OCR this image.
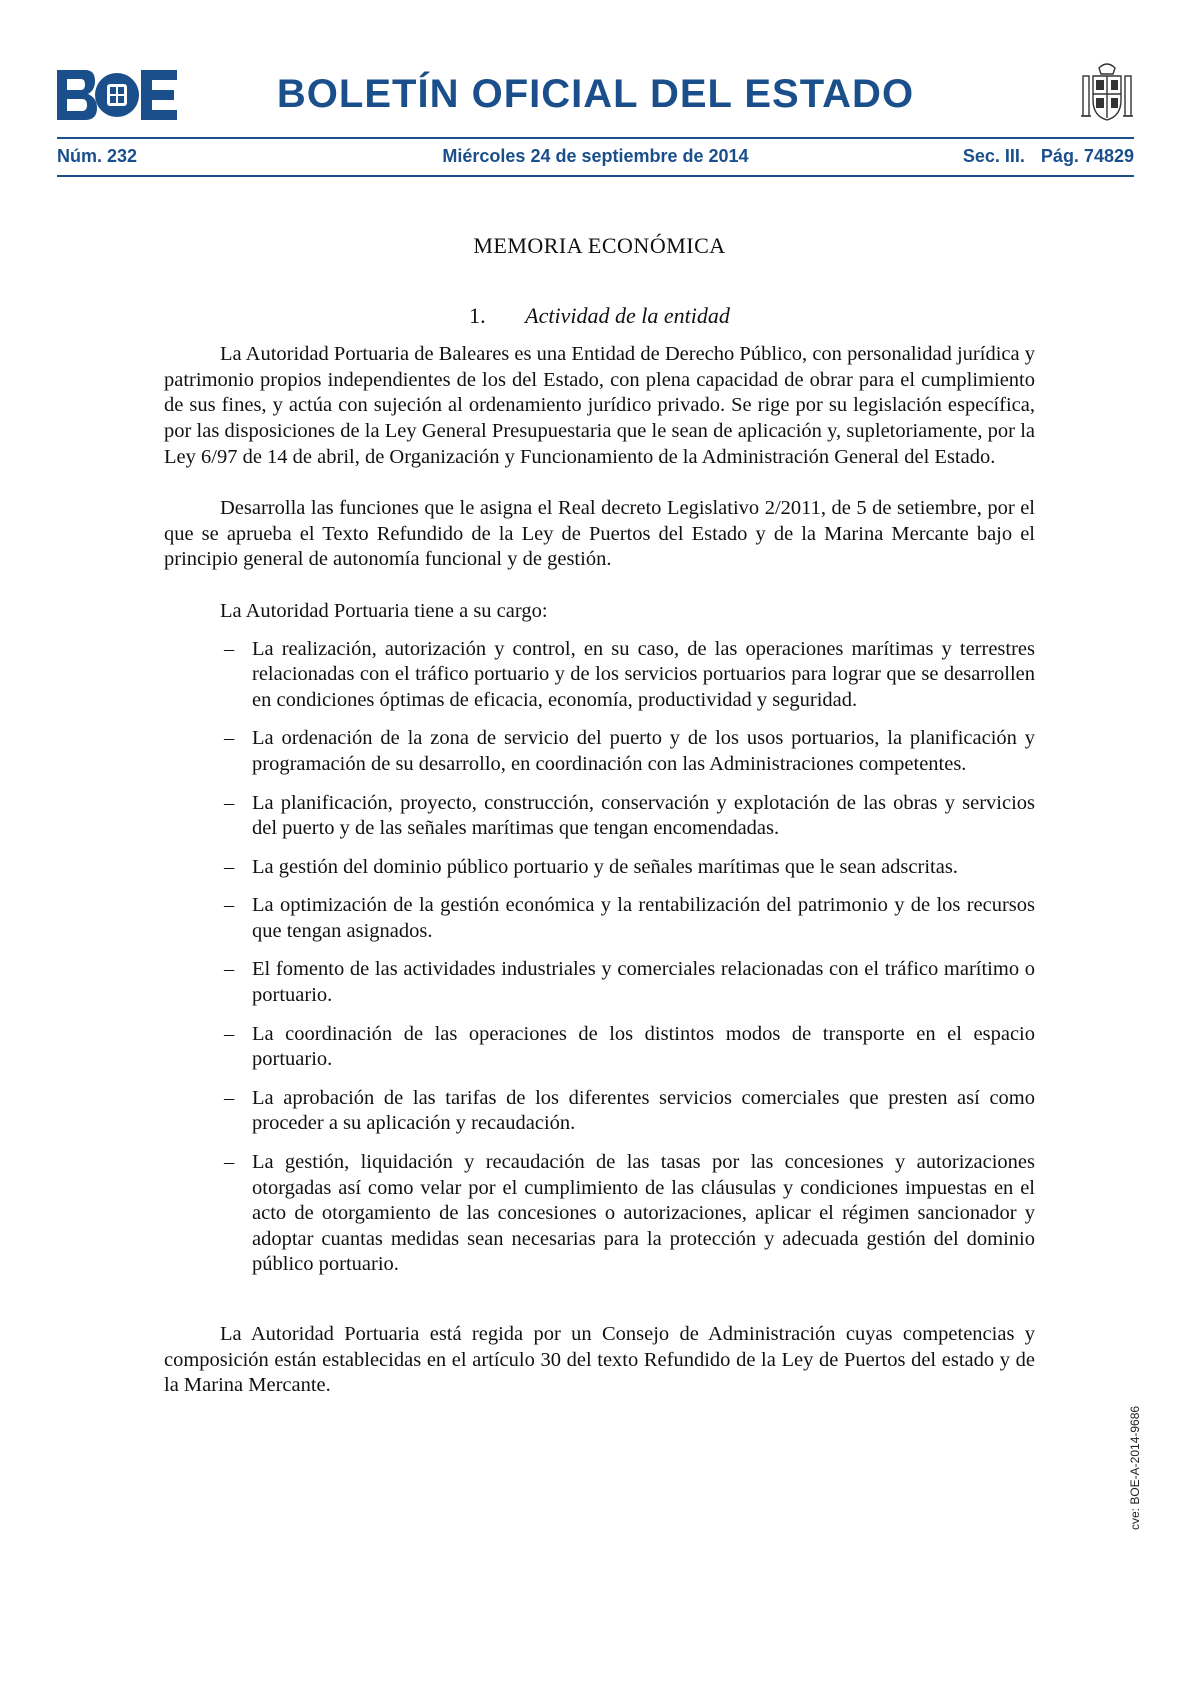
BOLETÍN OFICIAL DEL ESTADO
Núm. 232	Miércoles 24 de septiembre de 2014	Sec. III. Pág. 74829
MEMORIA ECONÓMICA
1. Actividad de la entidad

La Autoridad Portuaria de Baleares es una Entidad de Derecho Público, con personalidad jurídica y patrimonio propios independientes de los del Estado, con plena capacidad de obrar para el cumplimiento de sus fines, y actúa con sujeción al ordenamiento jurídico privado. Se rige por su legislación específica, por las disposiciones de la Ley General Presupuestaria que le sean de aplicación y, supletoriamente, por la Ley 6/97 de 14 de abril, de Organización y Funcionamiento de la Administración General del Estado.

Desarrolla las funciones que le asigna el Real decreto Legislativo 2/2011, de 5 de setiembre, por el que se aprueba el Texto Refundido de la Ley de Puertos del Estado y de la Marina Mercante bajo el principio general de autonomía funcional y de gestión.

La Autoridad Portuaria tiene a su cargo:

– La realización, autorización y control, en su caso, de las operaciones marítimas y terrestres relacionadas con el tráfico portuario y de los servicios portuarios para lograr que se desarrollen en condiciones óptimas de eficacia, economía, productividad y seguridad.
– La ordenación de la zona de servicio del puerto y de los usos portuarios, la planificación y programación de su desarrollo, en coordinación con las Administraciones competentes.
– La planificación, proyecto, construcción, conservación y explotación de las obras y servicios del puerto y de las señales marítimas que tengan encomendadas.
– La gestión del dominio público portuario y de señales marítimas que le sean adscritas.
– La optimización de la gestión económica y la rentabilización del patrimonio y de los recursos que tengan asignados.
– El fomento de las actividades industriales y comerciales relacionadas con el tráfico marítimo o portuario.
– La coordinación de las operaciones de los distintos modos de transporte en el espacio portuario.
– La aprobación de las tarifas de los diferentes servicios comerciales que presten así como proceder a su aplicación y recaudación.
– La gestión, liquidación y recaudación de las tasas por las concesiones y autorizaciones otorgadas así como velar por el cumplimiento de las cláusulas y condiciones impuestas en el acto de otorgamiento de las concesiones o autorizaciones, aplicar el régimen sancionador y adoptar cuantas medidas sean necesarias para la protección y adecuada gestión del dominio público portuario.

La Autoridad Portuaria está regida por un Consejo de Administración cuyas competencias y composición están establecidas en el artículo 30 del texto Refundido de la Ley de Puertos del estado y de la Marina Mercante.

cve: BOE-A-2014-9686
